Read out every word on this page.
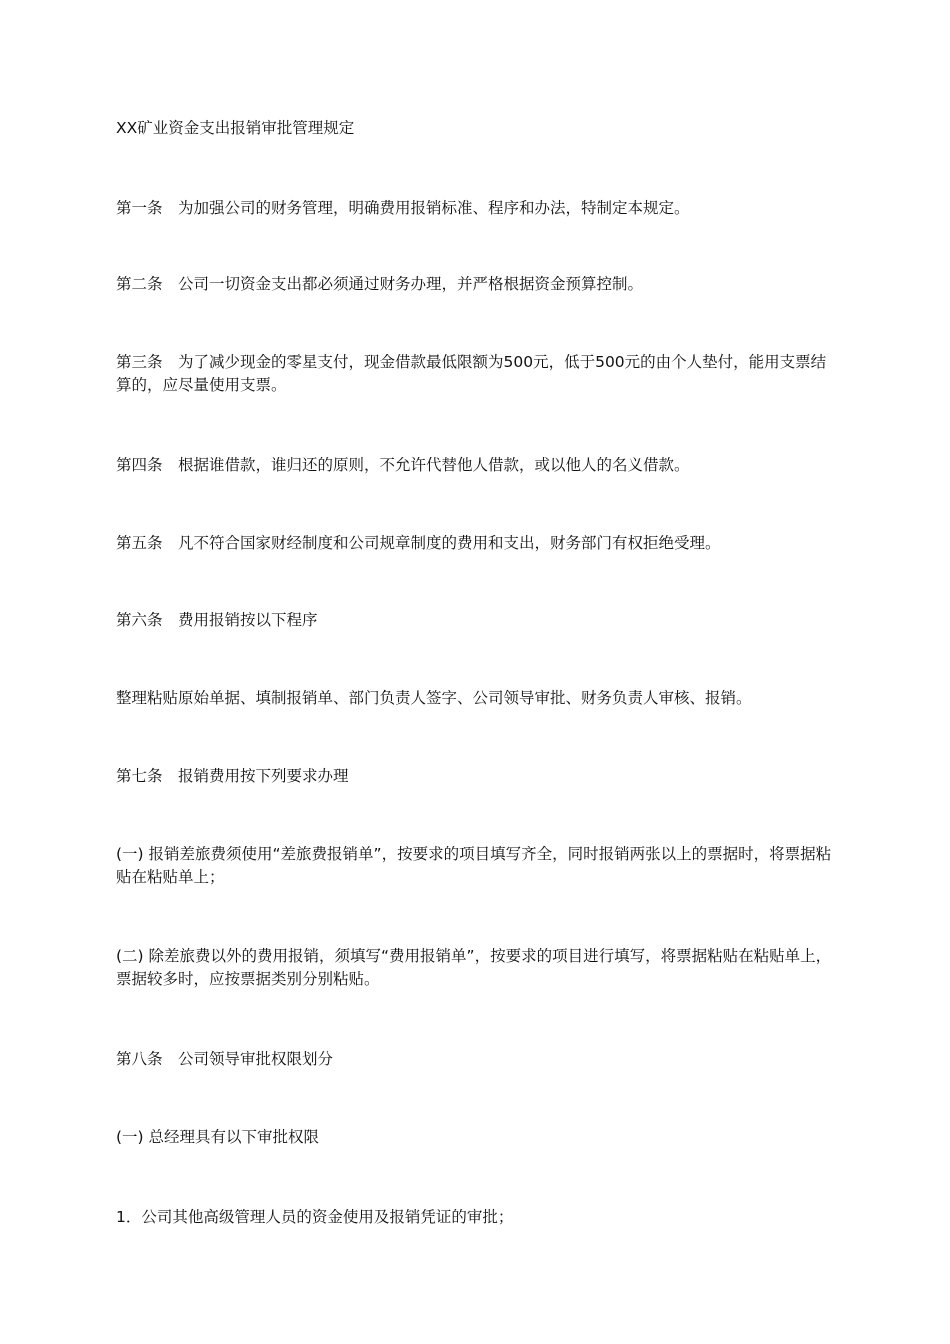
XX矿业资金支出报销审批管理规定
第一条　为加强公司的财务管理，明确费用报销标准、程序和办法，特制定本规定。
第二条　公司一切资金支出都必须通过财务办理，并严格根据资金预算控制。
第三条　为了减少现金的零星支付，现金借款最低限额为500元，低于500元的由个人垫付，能用支票结算的，应尽量使用支票。
第四条　根据谁借款，谁归还的原则，不允许代替他人借款，或以他人的名义借款。
第五条　凡不符合国家财经制度和公司规章制度的费用和支出，财务部门有权拒绝受理。
第六条　费用报销按以下程序
整理粘贴原始单据、填制报销单、部门负责人签字、公司领导审批、财务负责人审核、报销。
第七条　报销费用按下列要求办理
(一) 报销差旅费须使用“差旅费报销单”，按要求的项目填写齐全，同时报销两张以上的票据时，将票据粘贴在粘贴单上；
(二) 除差旅费以外的费用报销，须填写“费用报销单”，按要求的项目进行填写，将票据粘贴在粘贴单上，票据较多时，应按票据类别分别粘贴。
第八条　公司领导审批权限划分
(一) 总经理具有以下审批权限
1．公司其他高级管理人员的资金使用及报销凭证的审批；
